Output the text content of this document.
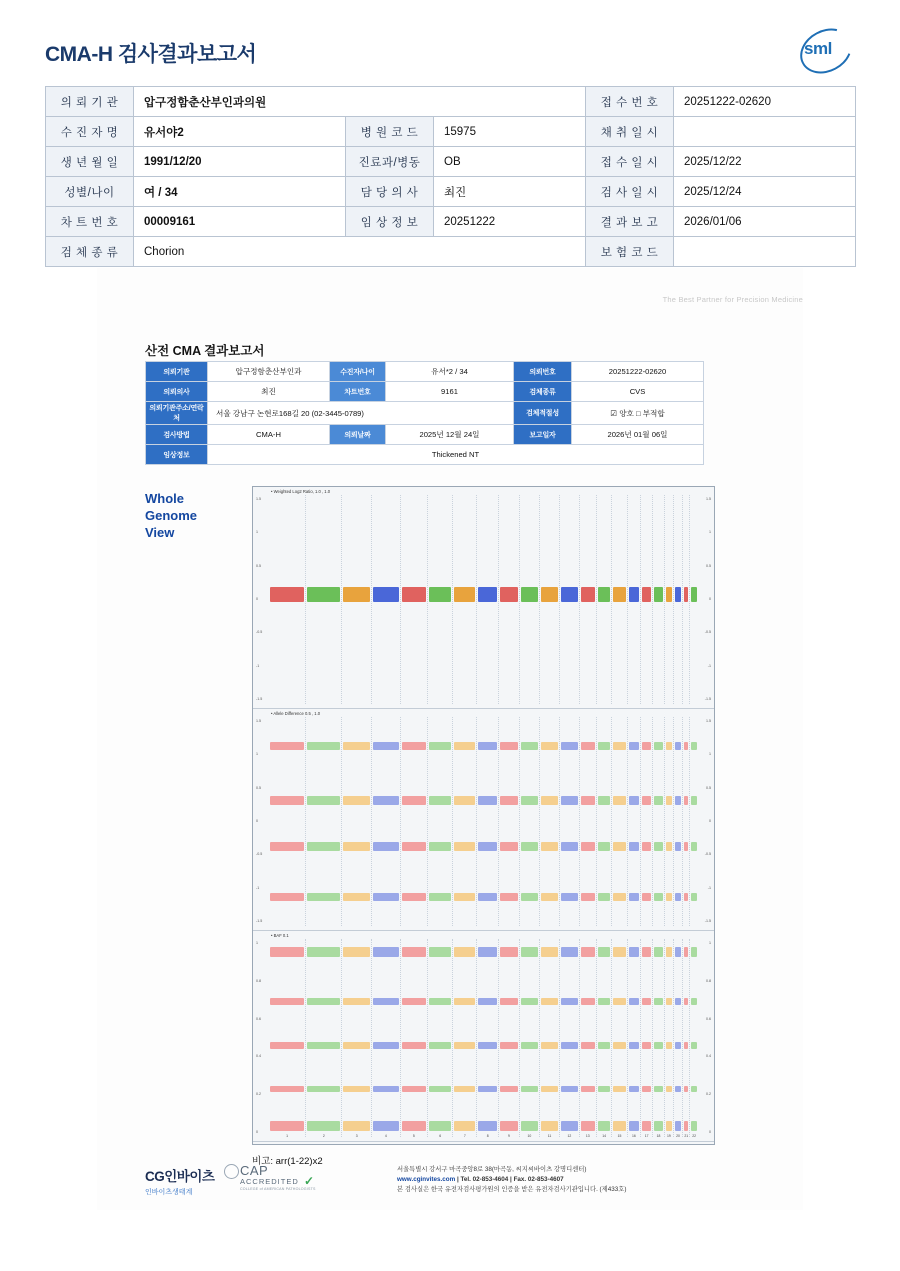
CMA-H 검사결과보고서	sml
의 뢰 기 관	압구정함춘산부인과의원			접 수 번 호	20251222-02620
수 진 자 명	유서야2	병 원 코 드	15975	채 취 일 시	
생 년 월 일	1991/12/20	진료과/병동	OB	접 수 일 시	2025/12/22
성별/나이	여 / 34	담 당 의 사	최진	검 사 일 시	2025/12/24
차 트 번 호	00009161	임 상 정 보	20251222	결 과 보 고	2026/01/06
검 체 종 류	Chorion			보 험 코 드	
The Best Partner for Precision Medicine
산전 CMA 결과보고서
의뢰기관	압구정함춘산부인과	수진자/나이	유서*2 / 34	의뢰번호	20251222-02620
의뢰의사	최진	차트번호	9161	검체종류	CVS
의뢰기관주소/연락처	서울 강남구 논현로168길 20 (02-3445-0789)			검체적절성	☑ 양호 □ 부적합
검사방법	CMA-H	의뢰날짜	2025년 12월 24일	보고일자	2026년 01월 06일
임상정보	Thickened NT				
Whole
Genome
View
• Weighted Log2 Ratio, 1.0 , 1.0
1.5	1.5
1	1
0.5	0.5
0	0
-0.5	-0.5
-1	-1
-1.5	-1.5
• Allele Difference 0.5 , 1.0
1.5	1.5
1	1
0.5	0.5
0	0
-0.5	-0.5
-1	-1
-1.5	-1.5
• BAF 0.1
1	1
0.8	0.8
0.6	0.6
0.4	0.4
0.2	0.2
0	0
1	2	3	4	5	6	7	8	9	10	11	12	13	14	15	16	17 18 19 20 21 22
비고: arr(1-22)x2
CG인바이츠
인바이츠생태계
✓
CAP
ACCREDITED
COLLEGE of AMERICAN PATHOLOGISTS
서울특별시 강서구 마곡중앙8로 38(마곡동, 씨지씨바이츠 강명디센터)
www.cginvites.com | Tel. 02-853-4604 | Fax. 02-853-4607
본 검사실은 한국 유전자검사평가원의 인증을 받은 유전자검사기관입니다. (제433호)
